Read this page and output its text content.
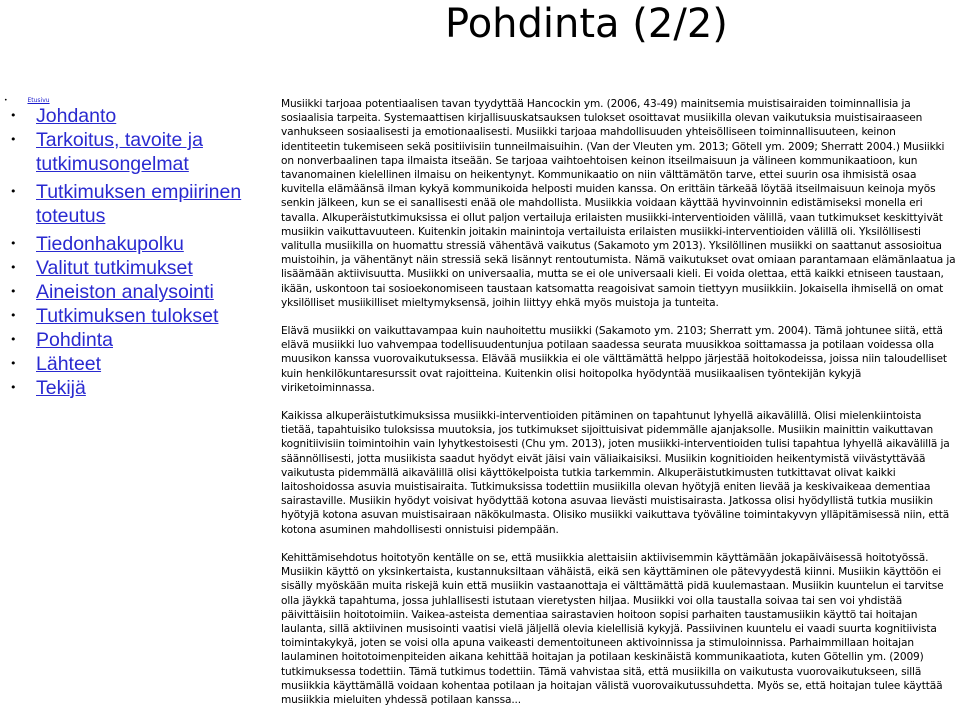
Pohdinta (2/2)
•	Etusivu
• Johdanto
• Tarkoitus, tavoite ja tutkimusongelmat
• Tutkimuksen empiirinen toteutus
• Tiedonhakupolku
• Valitut tutkimukset
• Aineiston analysointi
• Tutkimuksen tulokset
• Pohdinta
• Lähteet
• Tekijä

Musiikki tarjoaa potentiaalisen tavan tyydyttää Hancockin ym. (2006, 43-49) mainitsemia muistisairaiden toiminnallisia ja sosiaalisia tarpeita. Systemaattisen kirjallisuuskatsauksen tulokset osoittavat musiikilla olevan vaikutuksia muistisairaaseen vanhukseen sosiaalisesti ja emotionaalisesti. Musiikki tarjoaa mahdollisuuden yhteisölliseen toiminnallisuuteen, keinon identiteetin tukemiseen sekä positiivisiin tunneilmaisuihin. (Van der Vleuten ym. 2013; Götell ym. 2009; Sherratt 2004.) Musiikki on nonverbaalinen tapa ilmaista itseään. Se tarjoaa vaihtoehtoisen keinon itseilmaisuun ja välineen kommunikaatioon, kun tavanomainen kielellinen ilmaisu on heikentynyt. Kommunikaatio on niin välttämätön tarve, ettei suurin osa ihmisistä osaa kuvitella elämäänsä ilman kykyä kommunikoida helposti muiden kanssa. On erittäin tärkeää löytää itseilmaisuun keinoja myös senkin jälkeen, kun se ei sanallisesti enää ole mahdollista. Musiikkia voidaan käyttää hyvinvoinnin edistämiseksi monella eri tavalla. Alkuperäistutkimuksissa ei ollut paljon vertailuja erilaisten musiikki-interventioiden välillä, vaan tutkimukset keskittyivät musiikin vaikuttavuuteen. Kuitenkin joitakin mainintoja vertailuista erilaisten musiikki-interventioiden välillä oli. Yksilöllisesti valitulla musiikilla on huomattu stressiä vähentävä vaikutus (Sakamoto ym 2013). Yksilöllinen musiikki on saattanut assosioitua muistoihin, ja vähentänyt näin stressiä sekä lisännyt rentoutumista. Nämä vaikutukset ovat omiaan parantamaan elämänlaatua ja lisäämään aktiivisuutta. Musiikki on universaalia, mutta se ei ole universaali kieli. Ei voida olettaa, että kaikki etniseen taustaan, ikään, uskontoon tai sosioekonomiseen taustaan katsomatta reagoisivat samoin tiettyyn musiikkiin. Jokaisella ihmisellä on omat yksilölliset musiikilliset mieltymyksensä, joihin liittyy ehkä myös muistoja ja tunteita.

Elävä musiikki on vaikuttavampaa kuin nauhoitettu musiikki (Sakamoto ym. 2103; Sherratt ym. 2004). Tämä johtunee siitä, että elävä musiikki luo vahvempaa todellisuudentunjua potilaan saadessa seurata muusikkoa soittamassa ja potilaan voidessa olla muusikon kanssa vuorovaikutuksessa. Elävää musiikkia ei ole välttämättä helppo järjestää hoitokodeissa, joissa niin taloudelliset kuin henkilökuntaresurssit ovat rajoitteina. Kuitenkin olisi hoitopolka hyödyntää musiikaalisen työntekijän kykyjä viriketoiminnassa.

Kaikissa alkuperäistutkimuksissa musiikki-interventioiden pitäminen on tapahtunut lyhyellä aikavälillä. Olisi mielenkiintoista tietää, tapahtuisiko tuloksissa muutoksia, jos tutkimukset sijoittuisivat pidemmälle ajanjaksolle. Musiikin mainittin vaikuttavan kognitiivisiin toimintoihin vain lyhytkestoisesti (Chu ym. 2013), joten musiikki-interventioiden tulisi tapahtua lyhyellä aikavälillä ja säännöllisesti, jotta musiikista saadut hyödyt eivät jäisi vain väliaikaisiksi. Musiikin kognitioiden heikentymistä viivästyttävää vaikutusta pidemmällä aikavälillä olisi käyttökelpoista tutkia tarkemmin. Alkuperäistutkimusten tutkittavat olivat kaikki laitoshoidossa asuvia muistisairaita. Tutkimuksissa todettiin musiikilla olevan hyötyjä eniten lievää ja keskivaikeaa dementiaa sairastaville. Musiikin hyödyt voisivat hyödyttää kotona asuvaa lievästi muistisairasta. Jatkossa olisi hyödyllistä tutkia musiikin hyötyjä kotona asuvan muistisairaan näkökulmasta. Olisiko musiikki vaikuttava työväline toimintakyvyn ylläpitämisessä niin, että kotona asuminen mahdollisesti onnistuisi pidempään.

Kehittämisehdotus hoitotyön kentälle on se, että musiikkia alettaisiin aktiivisemmin käyttämään jokapäiväisessä hoitotyössä. Musiikin käyttö on yksinkertaista, kustannuksiltaan vähäistä, eikä sen käyttäminen ole pätevyydestä kiinni. Musiikin käyttöön ei sisälly myöskään muita riskejä kuin että musiikin vastaanottaja ei välttämättä pidä kuulemastaan. Musiikin kuuntelun ei tarvitse olla jäykkä tapahtuma, jossa juhlallisesti istutaan vieretysten hiljaa. Musiikki voi olla taustalla soivaa tai sen voi yhdistää päivittäisiin hoitotoimiin. Vaikea-asteista dementiaa sairastavien hoitoon sopisi parhaiten taustamusiikin käyttö tai hoitajan laulanta, sillä aktiivinen musisointi vaatisi vielä jäljellä olevia kielellisiä kykyjä. Passiivinen kuuntelu ei vaadi suurta kognitiivista toimintakykyä, joten se voisi olla apuna vaikeasti dementoituneen aktivoinnissa ja stimuloinnissa. Parhaimmillaan hoitajan laulaminen hoitotoimenpiteiden aikana kehittää hoitajan ja potilaan keskinäistä kommunikaatiota, kuten Götellin ym. (2009) tutkimuksessa todettiin. Tämä tutkimus todettiin. Tämä vahvistaa sitä, että musiikilla on vaikutusta vuorovaikutukseen, sillä musiikkia käyttämällä voidaan kohentaa potilaan ja hoitajan välistä vuorovaikutussuhdetta. Myös se, että hoitajan tulee käyttää musiikkia mieluiten yhdessä potilaan kanssa...
